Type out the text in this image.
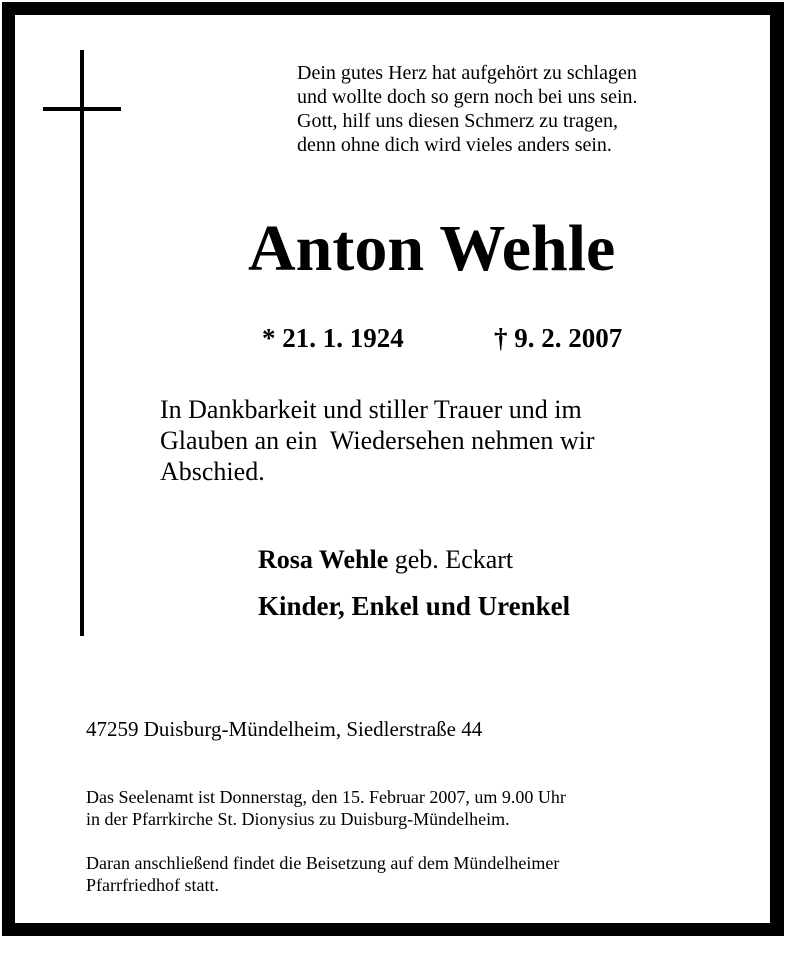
Dein gutes Herz hat aufgehört zu schlagen
und wollte doch so gern noch bei uns sein.
Gott, hilf uns diesen Schmerz zu tragen,
denn ohne dich wird vieles anders sein.
Anton Wehle
* 21. 1. 1924	† 9. 2. 2007
In Dankbarkeit und stiller Trauer und im
Glauben an ein  Wiedersehen nehmen wir
Abschied.
Rosa Wehle geb. Eckart
Kinder, Enkel und Urenkel
47259 Duisburg-Mündelheim, Siedlerstraße 44
Das Seelenamt ist Donnerstag, den 15. Februar 2007, um 9.00 Uhr
in der Pfarrkirche St. Dionysius zu Duisburg-Mündelheim.
Daran anschließend findet die Beisetzung auf dem Mündelheimer
Pfarrfriedhof statt.
